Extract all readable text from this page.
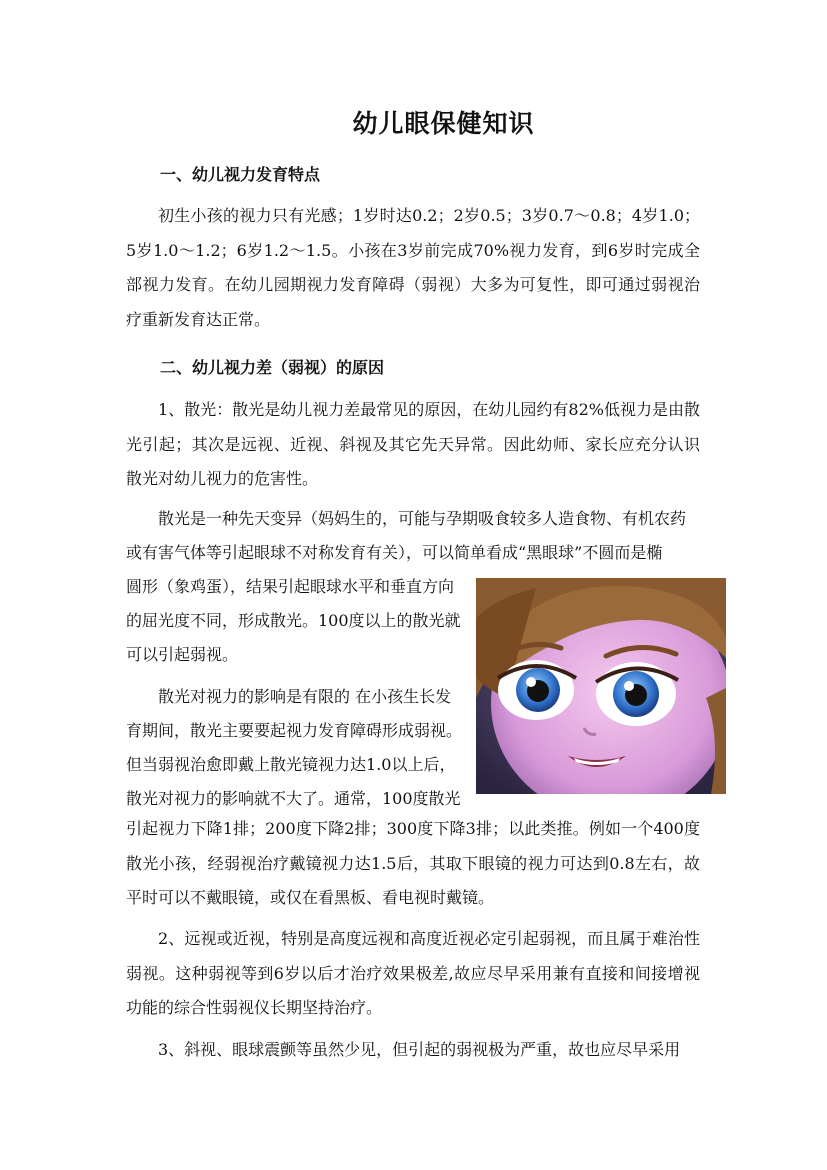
幼儿眼保健知识
一、幼儿视力发育特点

初生小孩的视力只有光感；1岁时达0.2；2岁0.5；3岁0.7～0.8；4岁1.0；5岁1.0～1.2；6岁1.2～1.5。小孩在3岁前完成70%视力发育，到6岁时完成全部视力发育。在幼儿园期视力发育障碍（弱视）大多为可复性，即可通过弱视治疗重新发育达正常。

二、幼儿视力差（弱视）的原因

1、散光：散光是幼儿视力差最常见的原因，在幼儿园约有82%低视力是由散光引起；其次是远视、近视、斜视及其它先天异常。因此幼师、家长应充分认识散光对幼儿视力的危害性。

散光是一种先天变异（妈妈生的，可能与孕期吸食较多人造食物、有机农药
或有害气体等引起眼球不对称发育有关），可以简单看成“黑眼球”不圆而是椭
圆形（象鸡蛋），结果引起眼球水平和垂直方向
的屈光度不同，形成散光。100度以上的散光就
可以引起弱视。
散光对视力的影响是有限的 在小孩生长发
育期间，散光主要要起视力发育障碍形成弱视。
但当弱视治愈即戴上散光镜视力达1.0以上后，
散光对视力的影响就不大了。通常，100度散光

引起视力下降1排；200度下降2排；300度下降3排；以此类推。例如一个400度散光小孩，经弱视治疗戴镜视力达1.5后，其取下眼镜的视力可达到0.8左右，故平时可以不戴眼镜，或仅在看黑板、看电视时戴镜。

2、远视或近视，特别是高度远视和高度近视必定引起弱视，而且属于难治性弱视。这种弱视等到6岁以后才治疗效果极差,故应尽早采用兼有直接和间接增视功能的综合性弱视仪长期坚持治疗。

3、斜视、眼球震颤等虽然少见，但引起的弱视极为严重，故也应尽早采用
